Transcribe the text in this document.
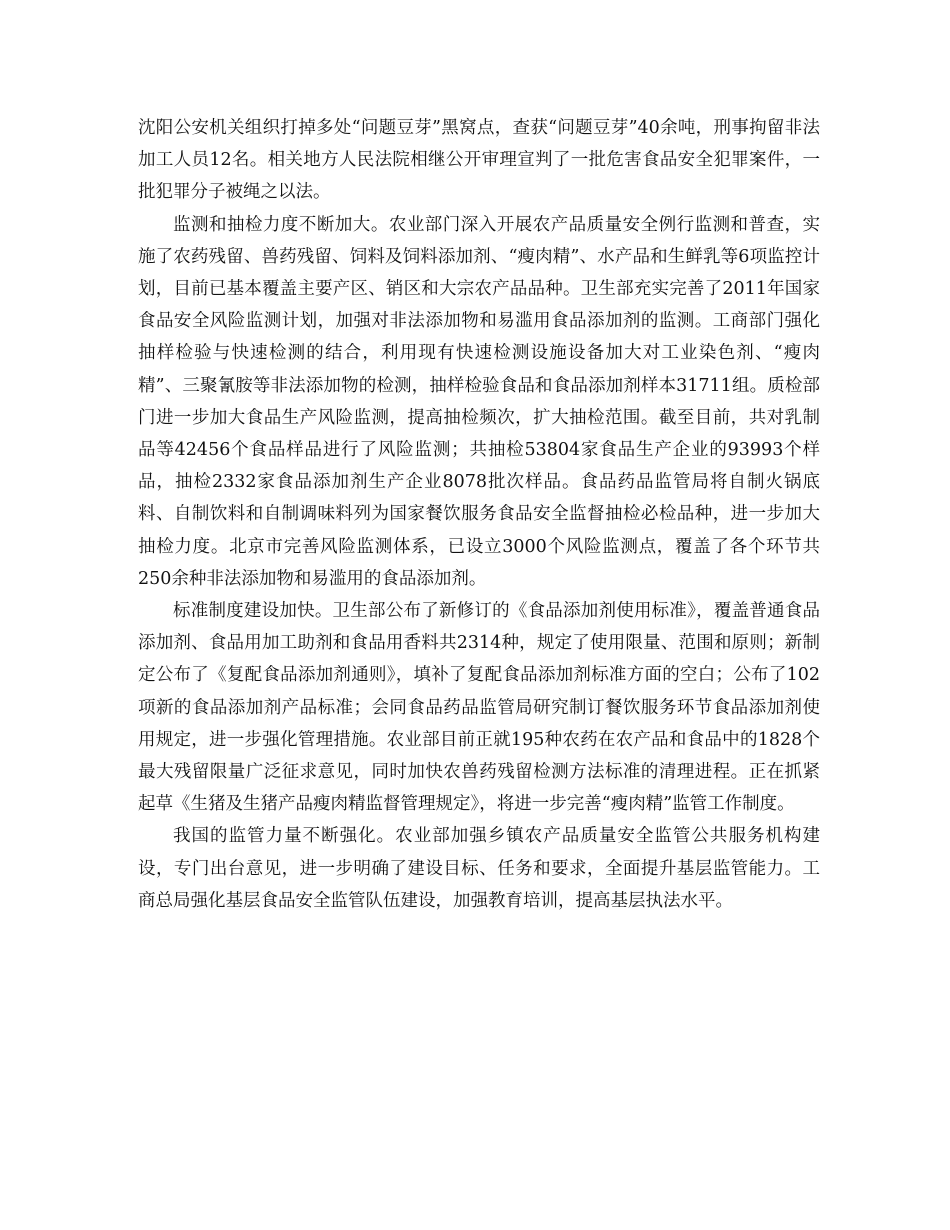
沈阳公安机关组织打掉多处“问题豆芽”黑窝点，查获“问题豆芽”40余吨，刑事拘留非法加工人员12名。相关地方人民法院相继公开审理宣判了一批危害食品安全犯罪案件，一批犯罪分子被绳之以法。

监测和抽检力度不断加大。农业部门深入开展农产品质量安全例行监测和普查，实施了农药残留、兽药残留、饲料及饲料添加剂、“瘦肉精”、水产品和生鲜乳等6项监控计划，目前已基本覆盖主要产区、销区和大宗农产品品种。卫生部充实完善了2011年国家食品安全风险监测计划，加强对非法添加物和易滥用食品添加剂的监测。工商部门强化抽样检验与快速检测的结合，利用现有快速检测设施设备加大对工业染色剂、“瘦肉精”、三聚氰胺等非法添加物的检测，抽样检验食品和食品添加剂样本31711组。质检部门进一步加大食品生产风险监测，提高抽检频次，扩大抽检范围。截至目前，共对乳制品等42456个食品样品进行了风险监测；共抽检53804家食品生产企业的93993个样品，抽检2332家食品添加剂生产企业8078批次样品。食品药品监管局将自制火锅底料、自制饮料和自制调味料列为国家餐饮服务食品安全监督抽检必检品种，进一步加大抽检力度。北京市完善风险监测体系，已设立3000个风险监测点，覆盖了各个环节共250余种非法添加物和易滥用的食品添加剂。

标准制度建设加快。卫生部公布了新修订的《食品添加剂使用标准》，覆盖普通食品添加剂、食品用加工助剂和食品用香料共2314种，规定了使用限量、范围和原则；新制定公布了《复配食品添加剂通则》，填补了复配食品添加剂标准方面的空白；公布了102项新的食品添加剂产品标准；会同食品药品监管局研究制订餐饮服务环节食品添加剂使用规定，进一步强化管理措施。农业部目前正就195种农药在农产品和食品中的1828个最大残留限量广泛征求意见，同时加快农兽药残留检测方法标准的清理进程。正在抓紧起草《生猪及生猪产品瘦肉精监督管理规定》，将进一步完善“瘦肉精”监管工作制度。

我国的监管力量不断强化。农业部加强乡镇农产品质量安全监管公共服务机构建设，专门出台意见，进一步明确了建设目标、任务和要求，全面提升基层监管能力。工商总局强化基层食品安全监管队伍建设，加强教育培训，提高基层执法水平。
